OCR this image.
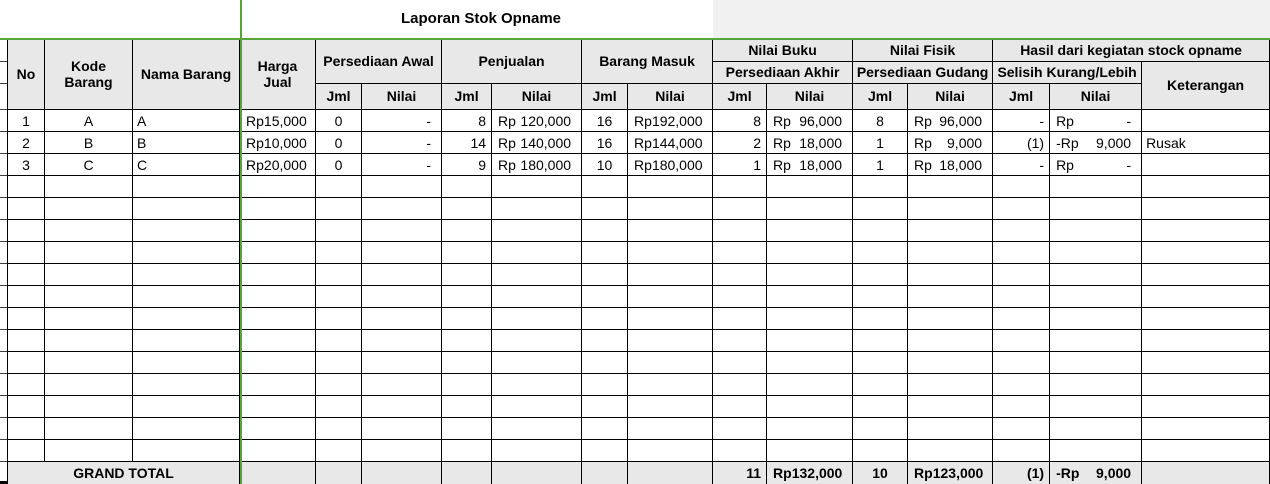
Laporan Stok Opname
No	Kode Barang	Nama Barang	Harga Jual	Persediaan Awal		Penjualan		Barang Masuk		Nilai Buku		Nilai Fisik		Hasil dari kegiatan stock opname		
										Persediaan Akhir		Persediaan Gudang		Selisih Kurang/Lebih		Keterangan
				Jml	Nilai	Jml	Nilai	Jml	Nilai	Jml	Nilai	Jml	Nilai	Jml	Nilai	
1	A	A	Rp 15,000	0	-	8	Rp 120,000	16	Rp 192,000	8	Rp 96,000	8	Rp 96,000	-	Rp -	

2	B	B	Rp 10,000	0	-	14	Rp 140,000	16	Rp 144,000	2	Rp 18,000	1	Rp 9,000	(1)	-Rp 9,000	Rusak
3	C	C	Rp 20,000	0	-	9	Rp 180,000	10	Rp 180,000	1	Rp 18,000	1	Rp 18,000	-	Rp -	

GRAND TOTAL										11	Rp 132,000	10	Rp 123,000	(1)	-Rp 9,000	
